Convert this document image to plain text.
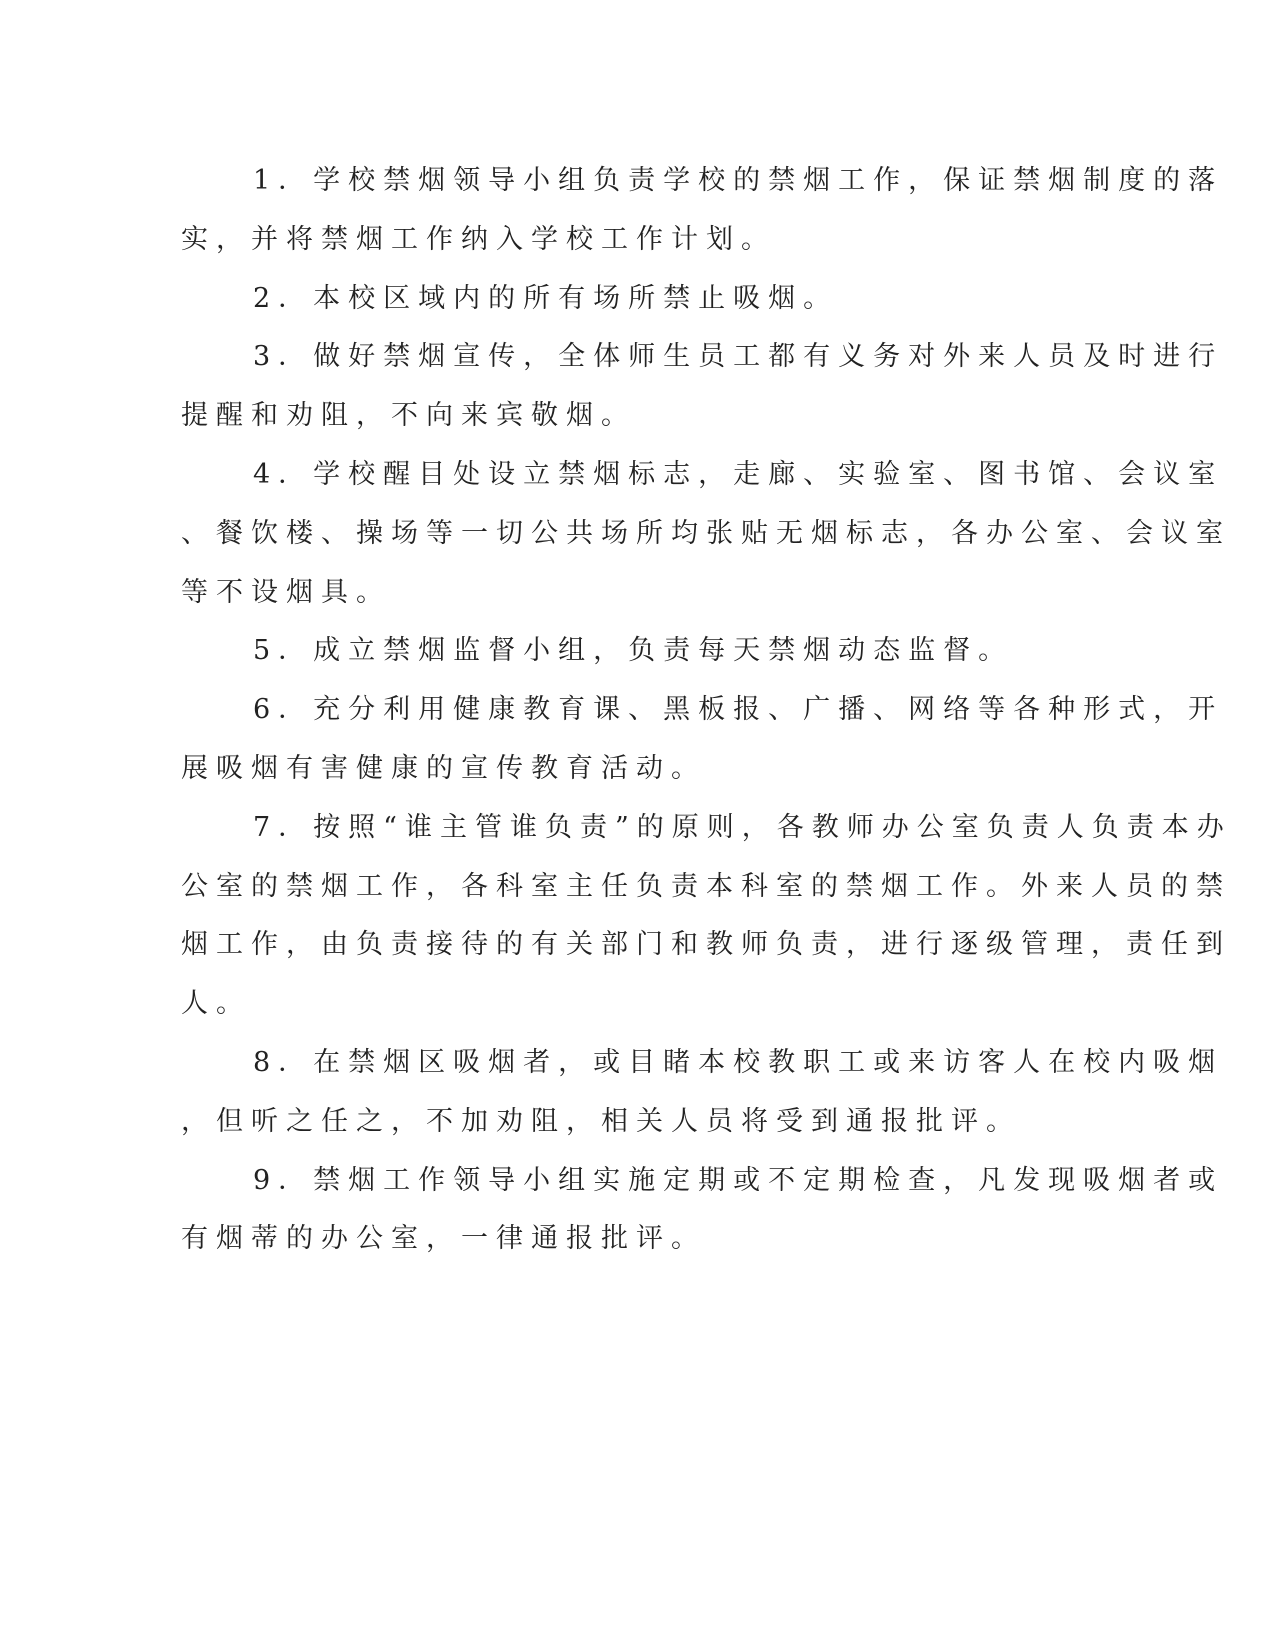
1．学校禁烟领导小组负责学校的禁烟工作，保证禁烟制度的落
实，并将禁烟工作纳入学校工作计划。
2．本校区域内的所有场所禁止吸烟。
3．做好禁烟宣传，全体师生员工都有义务对外来人员及时进行
提醒和劝阻，不向来宾敬烟。
4．学校醒目处设立禁烟标志，走廊、实验室、图书馆、会议室
、餐饮楼、操场等一切公共场所均张贴无烟标志，各办公室、会议室
等不设烟具。
5．成立禁烟监督小组，负责每天禁烟动态监督。
6．充分利用健康教育课、黑板报、广播、网络等各种形式，开
展吸烟有害健康的宣传教育活动。
7．按照“谁主管谁负责”的原则，各教师办公室负责人负责本办
公室的禁烟工作，各科室主任负责本科室的禁烟工作。外来人员的禁
烟工作，由负责接待的有关部门和教师负责，进行逐级管理，责任到
人。
8．在禁烟区吸烟者，或目睹本校教职工或来访客人在校内吸烟
，但听之任之，不加劝阻，相关人员将受到通报批评。
9．禁烟工作领导小组实施定期或不定期检查，凡发现吸烟者或
有烟蒂的办公室，一律通报批评。
